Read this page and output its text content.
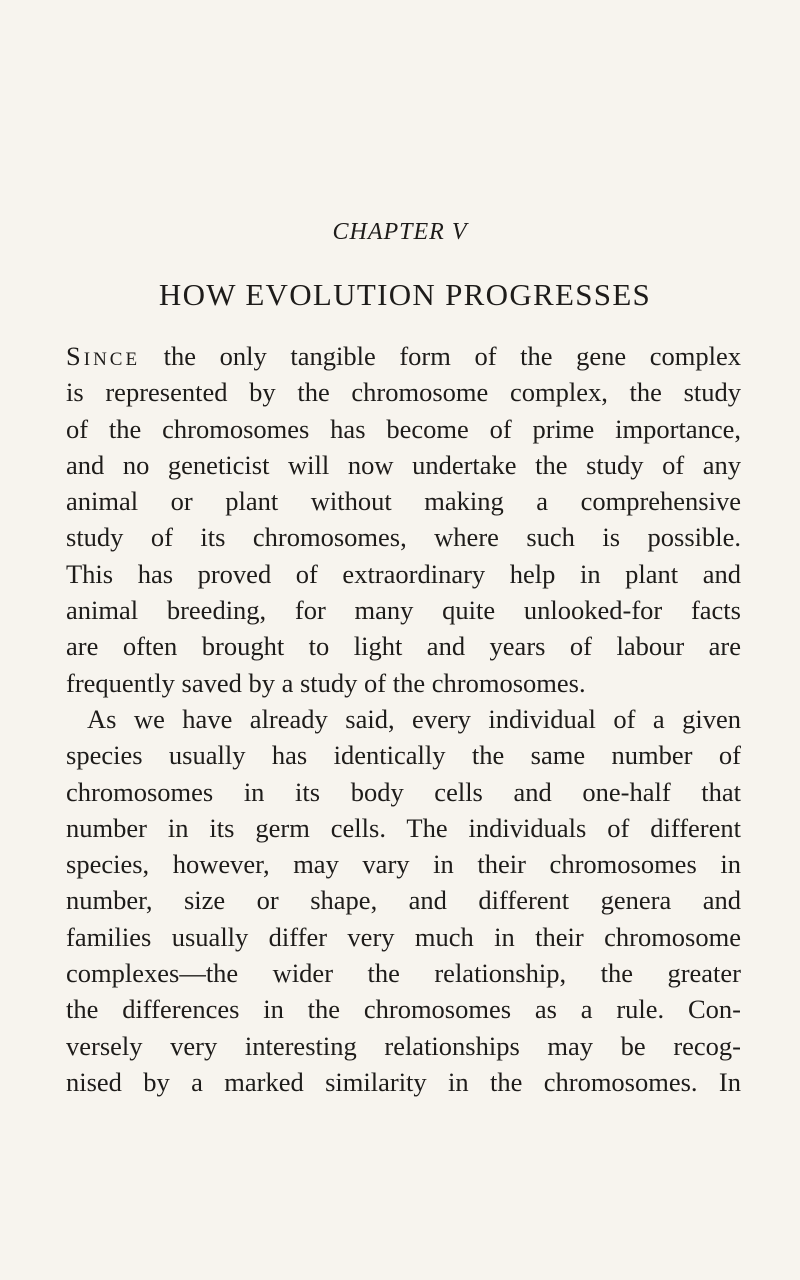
CHAPTER V
HOW EVOLUTION PROGRESSES
Since the only tangible form of the gene complex
is represented by the chromosome complex, the study
of the chromosomes has become of prime importance,
and no geneticist will now undertake the study of any
animal or plant without making a comprehensive
study of its chromosomes, where such is possible.
This has proved of extraordinary help in plant and
animal breeding, for many quite unlooked-for facts
are often brought to light and years of labour are
frequently saved by a study of the chromosomes.
As we have already said, every individual of a given
species usually has identically the same number of
chromosomes in its body cells and one-half that
number in its germ cells. The individuals of different
species, however, may vary in their chromosomes in
number, size or shape, and different genera and
families usually differ very much in their chromosome
complexes—the wider the relationship, the greater
the differences in the chromosomes as a rule. Con-
versely very interesting relationships may be recog-
nised by a marked similarity in the chromosomes. In
